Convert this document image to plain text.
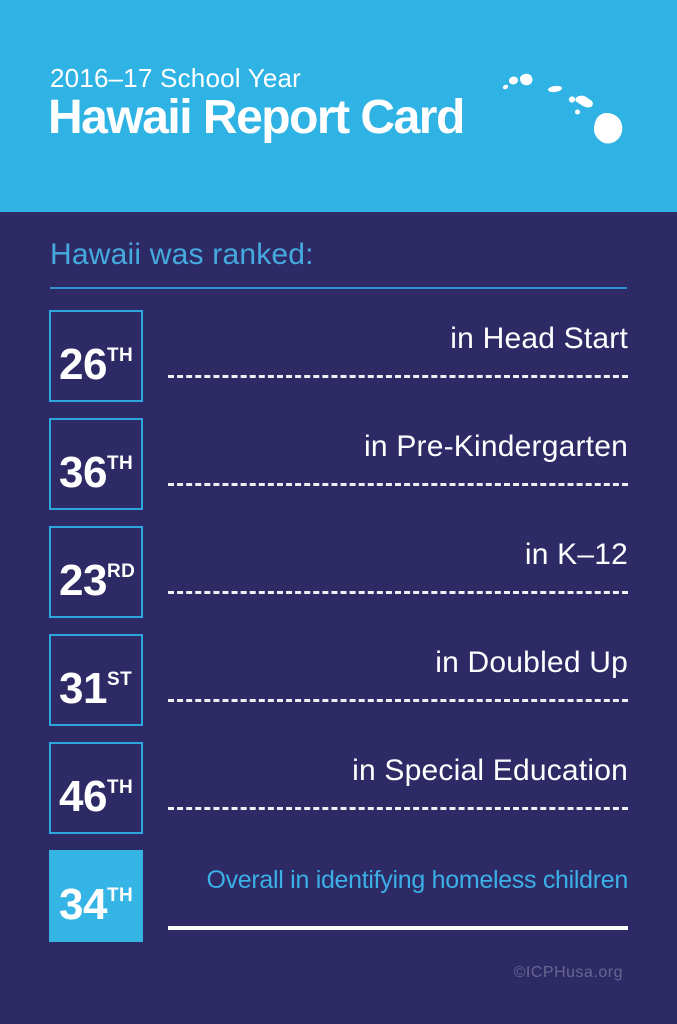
2016–17 School Year
Hawaii Report Card
Hawaii was ranked:
26TH
in Head Start
36TH
in Pre-Kindergarten
23RD
in K–12
31ST
in Doubled Up
46TH
in Special Education
34TH
Overall in identifying homeless children
©ICPHusa.org
